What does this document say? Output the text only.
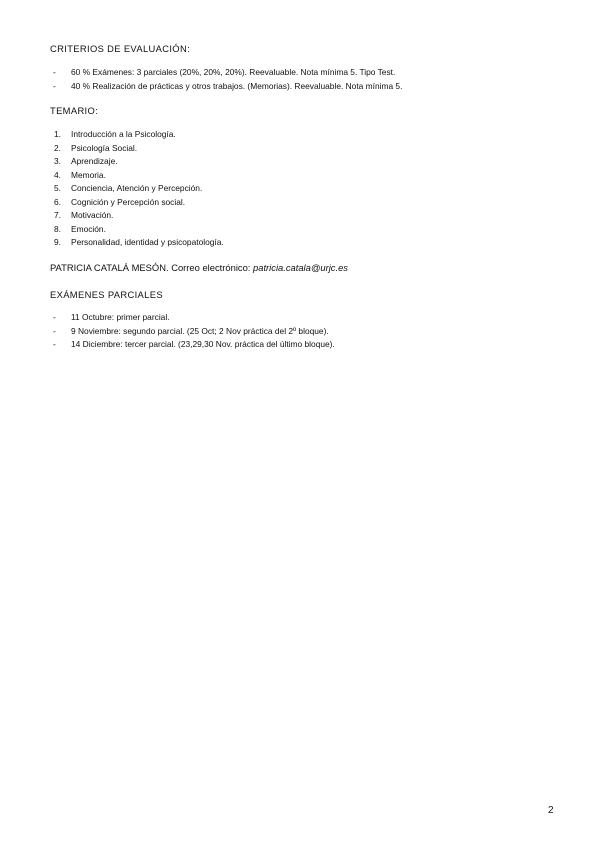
CRITERIOS DE EVALUACIÓN:
- 60 % Exámenes: 3 parciales (20%, 20%, 20%). Reevaluable. Nota mínima 5. Tipo Test.
- 40 % Realización de prácticas y otros trabajos. (Memorias). Reevaluable. Nota mínima 5.
TEMARIO:
1. Introducción a la Psicología.
2. Psicología Social.
3. Aprendizaje.
4. Memoria.
5. Conciencia, Atención y Percepción.
6. Cognición y Percepción social.
7. Motivación.
8. Emoción.
9. Personalidad, identidad y psicopatología.
PATRICIA CATALÁ MESÓN. Correo electrónico: patricia.catala@urjc.es
EXÁMENES PARCIALES
- 11 Octubre: primer parcial.
- 9 Noviembre: segundo parcial. (25 Oct; 2 Nov práctica del 2º bloque).
- 14 Diciembre: tercer parcial. (23,29,30 Nov. práctica del último bloque).
2
